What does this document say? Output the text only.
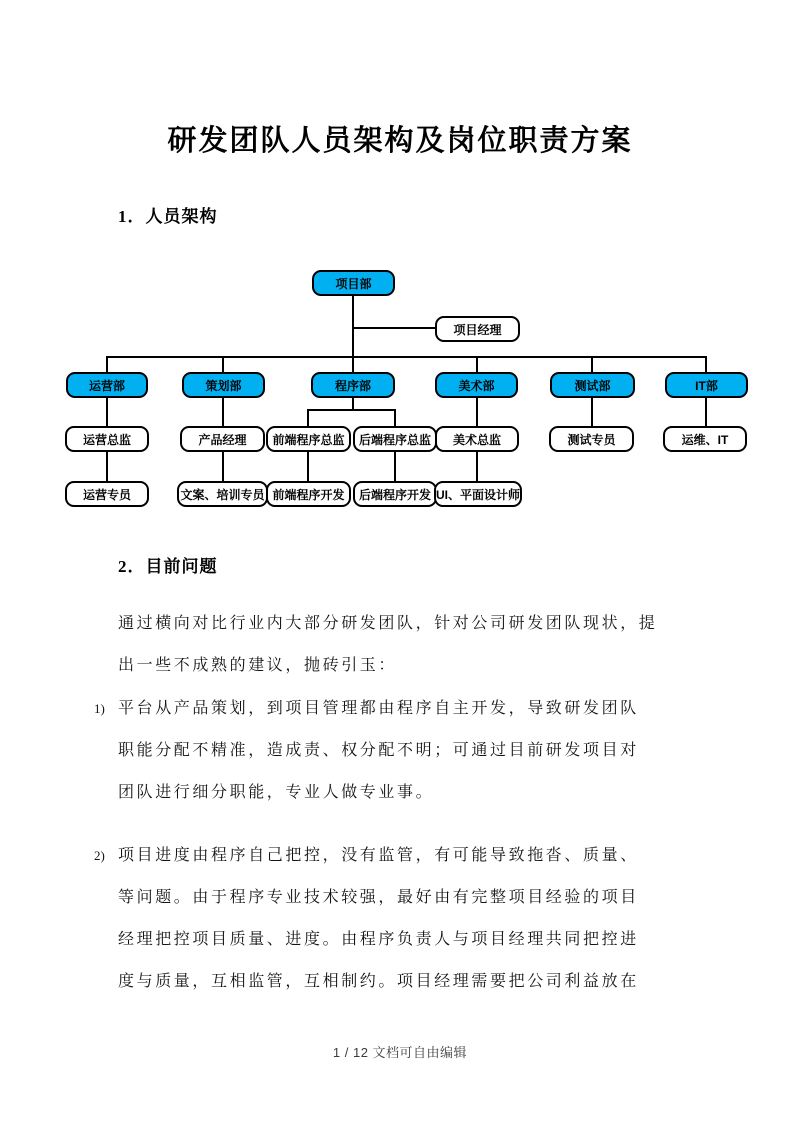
研发团队人员架构及岗位职责方案
1．人员架构
项目部
项目经理
运营部	策划部	程序部	美术部	测试部	IT部
运营总监	产品经理	前端程序总监	后端程序总监	美术总监	测试专员	运维、IT
运营专员	文案、培训专员 前端程序开发	后端程序开发 UI、平面设计师
2．目前问题
通过横向对比行业内大部分研发团队，针对公司研发团队现状，提
出一些不成熟的建议，抛砖引玉：
1) 平台从产品策划，到项目管理都由程序自主开发，导致研发团队
职能分配不精准，造成责、权分配不明；可通过目前研发项目对
团队进行细分职能，专业人做专业事。
2) 项目进度由程序自己把控，没有监管，有可能导致拖沓、质量、
等问题。由于程序专业技术较强，最好由有完整项目经验的项目
经理把控项目质量、进度。由程序负责人与项目经理共同把控进
度与质量，互相监管，互相制约。项目经理需要把公司利益放在
1 / 12 文档可自由编辑
